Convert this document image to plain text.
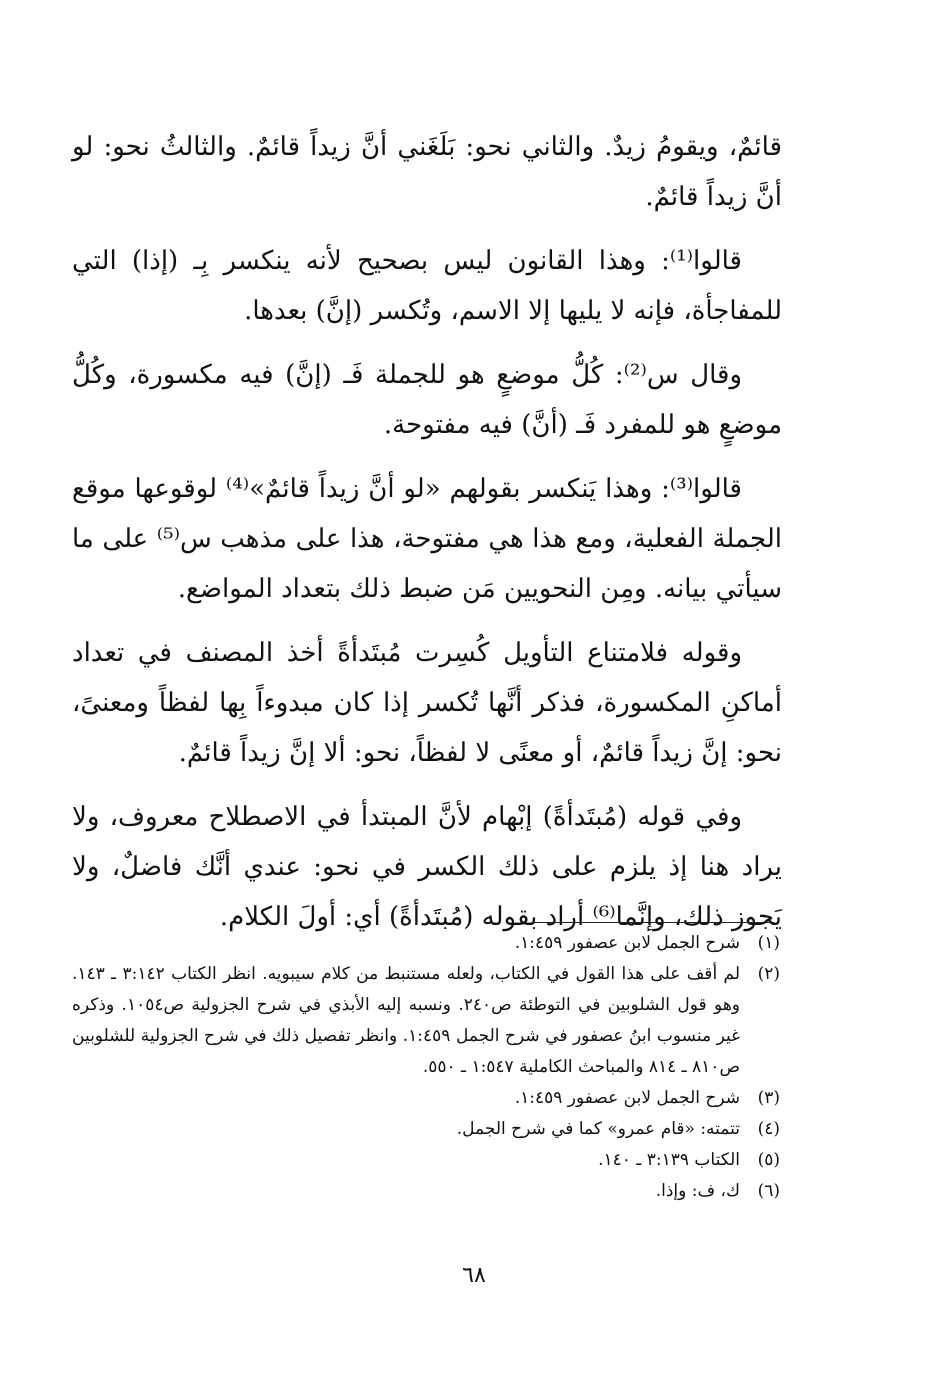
قائمٌ، ويقومُ زيدٌ. والثاني نحو: بَلَغَني أنَّ زيداً قائمٌ. والثالثُ نحو: لو أنَّ زيداً قائمٌ.

قالوا⁽¹⁾: وهذا القانون ليس بصحيح لأنه ينكسر بِـ (إذا) التي للمفاجأة، فإنه لا يليها إلا الاسم، وتُكسر (إنَّ) بعدها.

وقال س⁽²⁾: كُلُّ موضعٍ هو للجملة فَـ (إنَّ) فيه مكسورة، وكُلُّ موضعٍ هو للمفرد فَـ (أنَّ) فيه مفتوحة.

قالوا⁽³⁾: وهذا يَنكسر بقولهم «لو أنَّ زيداً قائمٌ»⁽⁴⁾ لوقوعها موقع الجملة الفعلية، ومع هذا هي مفتوحة، هذا على مذهب س⁽⁵⁾ على ما سيأتي بيانه. ومِن النحويين مَن ضبط ذلك بتعداد المواضع.

وقوله فلامتناع التأويل كُسِرت مُبتَدأةً أخذ المصنف في تعداد أماكنِ المكسورة، فذكر أنَّها تُكسر إذا كان مبدوءاً بِها لفظاً ومعنىً، نحو: إنَّ زيداً قائمٌ، أو معنًى لا لفظاً، نحو: ألا إنَّ زيداً قائمٌ.

وفي قوله (مُبتَدأةً) إبْهام لأنَّ المبتدأ في الاصطلاح معروف، ولا يراد هنا إذ يلزم على ذلك الكسر في نحو: عندي أنَّك فاضلٌ، ولا يَجوز ذلك، وإنَّما⁽⁶⁾ أراد بقوله (مُبتَدأةً) أي: أولَ الكلام.

(١)
شرح الجمل لابن عصفور ١:٤٥٩.
(٢)
لم أقف على هذا القول في الكتاب، ولعله مستنبط من كلام سيبويه. انظر الكتاب ٣:١٤٢ ـ ١٤٣. وهو قول الشلوبين في التوطئة ص٢٤٠. ونسبه إليه الأبذي في شرح الجزولية ص١٠٥٤. وذكره غير منسوب ابنُ عصفور في شرح الجمل ١:٤٥٩. وانظر تفصيل ذلك في شرح الجزولية للشلوبين ص٨١٠ ـ ٨١٤ والمباحث الكاملية ١:٥٤٧ ـ ٥٥٠.
(٣)
شرح الجمل لابن عصفور ١:٤٥٩.
(٤)
تتمته: «قام عمرو» كما في شرح الجمل.
(٥)
الكتاب ٣:١٣٩ ـ ١٤٠.
(٦)
ك، ف: وإذا.
٦٨
